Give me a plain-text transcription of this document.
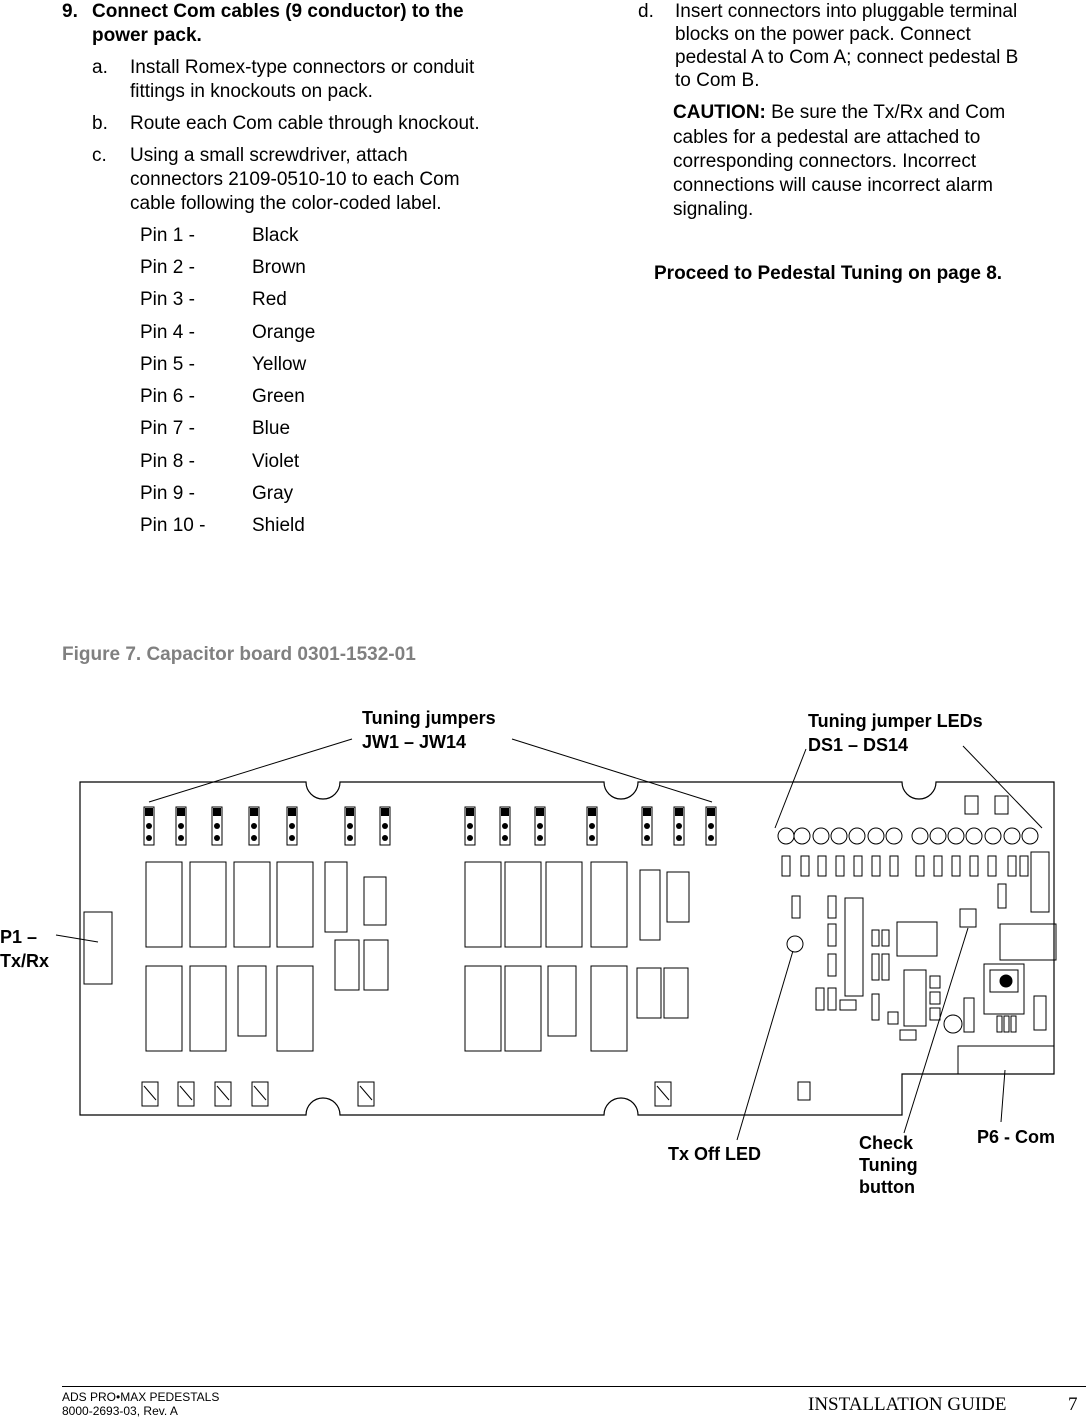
9. Connect Com cables (9 conductor) to the
power pack.
a. Install Romex-type connectors or conduit
fittings in knockouts on pack.
b. Route each Com cable through knockout.
c. Using a small screwdriver, attach
connectors 2109-0510-10 to each Com
cable following the color-coded label.
Pin 1 -	Black
Pin 2 -	Brown
Pin 3 -	Red
Pin 4 -	Orange
Pin 5 -	Yellow
Pin 6 -	Green
Pin 7 -	Blue
Pin 8 -	Violet
Pin 9 -	Gray
Pin 10 - Shield
d. Insert connectors into pluggable terminal
blocks on the power pack. Connect
pedestal A to Com A; connect pedestal B
to Com B.
CAUTION: Be sure the Tx/Rx and Com
cables for a pedestal are attached to
corresponding connectors. Incorrect
connections will cause incorrect alarm
signaling.
Proceed to Pedestal Tuning on page 8.
Figure 7. Capacitor board 0301-1532-01
Tuning jumpers
JW1 – JW14
Tuning jumper LEDs
DS1 – DS14
P1 –
Tx/Rx
Tx Off LED
Check
Tuning
button
P6 - Com
ADS PRO•MAX PEDESTALS
8000-2693-03, Rev. A	INSTALLATION GUIDE	7
